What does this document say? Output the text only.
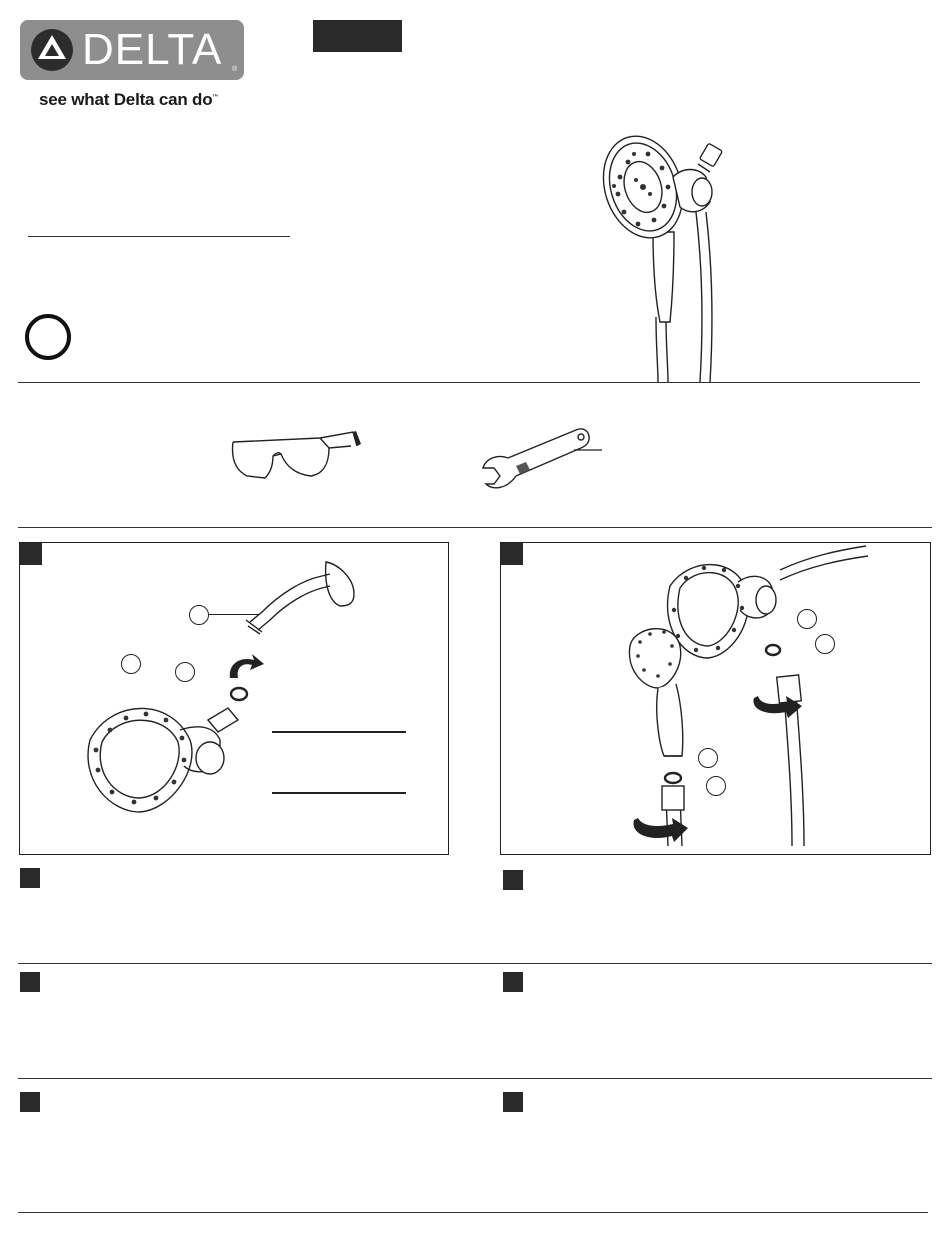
DELTA ®
see what Delta can do™
